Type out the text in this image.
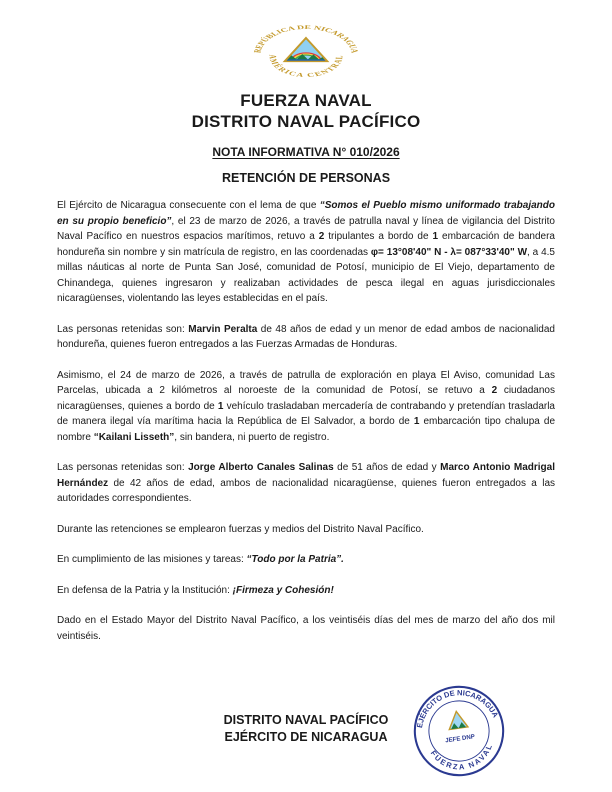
REPÚBLICA DE NICARAGUA
AMÉRICA CENTRAL
FUERZA NAVAL
DISTRITO NAVAL PACÍFICO
NOTA INFORMATIVA N° 010/2026
RETENCIÓN DE PERSONAS

El Ejército de Nicaragua consecuente con el lema de que “Somos el Pueblo mismo uniformado trabajando en su propio beneficio”, el 23 de marzo de 2026, a través de patrulla naval y línea de vigilancia del Distrito Naval Pacífico en nuestros espacios marítimos, retuvo a 2 tripulantes a bordo de 1 embarcación de bandera hondureña sin nombre y sin matrícula de registro, en las coordenadas φ= 13°08'40" N - λ= 087°33'40" W, a 4.5 millas náuticas al norte de Punta San José, comunidad de Potosí, municipio de El Viejo, departamento de Chinandega, quienes ingresaron y realizaban actividades de pesca ilegal en aguas jurisdiccionales nicaragüenses, violentando las leyes establecidas en el país.

Las personas retenidas son: Marvin Peralta de 48 años de edad y un menor de edad ambos de nacionalidad hondureña, quienes fueron entregados a las Fuerzas Armadas de Honduras.

Asimismo, el 24 de marzo de 2026, a través de patrulla de exploración en playa El Aviso, comunidad Las Parcelas, ubicada a 2 kilómetros al noroeste de la comunidad de Potosí, se retuvo a 2 ciudadanos nicaragüenses, quienes a bordo de 1 vehículo trasladaban mercadería de contrabando y pretendían trasladarla de manera ilegal vía marítima hacia la República de El Salvador, a bordo de 1 embarcación tipo chalupa de nombre “Kailani Lisseth”, sin bandera, ni puerto de registro.

Las personas retenidas son: Jorge Alberto Canales Salinas de 51 años de edad y Marco Antonio Madrigal Hernández de 42 años de edad, ambos de nacionalidad nicaragüense, quienes fueron entregados a las autoridades correspondientes.

Durante las retenciones se emplearon fuerzas y medios del Distrito Naval Pacífico.

En cumplimiento de las misiones y tareas: “Todo por la Patria”.

En defensa de la Patria y la Institución: ¡Firmeza y Cohesión!

Dado en el Estado Mayor del Distrito Naval Pacífico, a los veintiséis días del mes de marzo del año dos mil veintiséis.

DISTRITO NAVAL PACÍFICO
EJÉRCITO DE NICARAGUA
EJÉRCITO DE NICARAGUA
FUERZA NAVAL
JEFE DNP
